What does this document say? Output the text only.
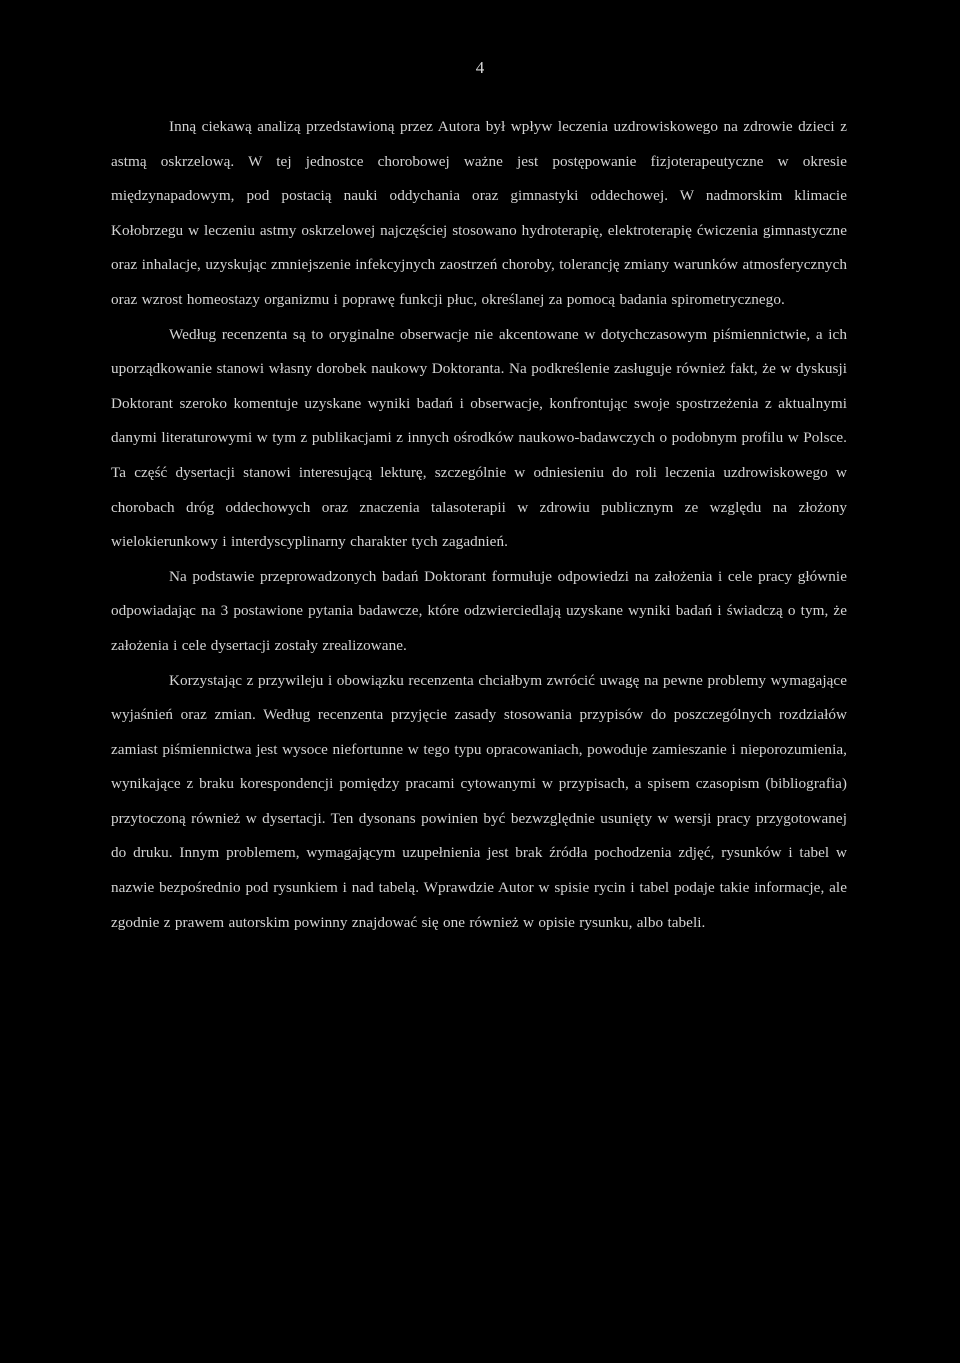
4

Inną ciekawą analizą przedstawioną przez Autora był wpływ leczenia uzdrowiskowego na zdrowie dzieci z astmą oskrzelową. W tej jednostce chorobowej ważne jest postępowanie fizjoterapeutyczne w okresie międzynapadowym, pod postacią nauki oddychania oraz gimnastyki oddechowej. W nadmorskim klimacie Kołobrzegu w leczeniu astmy oskrzelowej najczęściej stosowano hydroterapię, elektroterapię ćwiczenia gimnastyczne oraz inhalacje, uzyskując zmniejszenie infekcyjnych zaostrzeń choroby, tolerancję zmiany warunków atmosferycznych oraz wzrost homeostazy organizmu i poprawę funkcji płuc, określanej za pomocą badania spirometrycznego.

Według recenzenta są to oryginalne obserwacje nie akcentowane w dotychczasowym piśmiennictwie, a ich uporządkowanie stanowi własny dorobek naukowy Doktoranta. Na podkreślenie zasługuje również fakt, że w dyskusji Doktorant szeroko komentuje uzyskane wyniki badań i obserwacje, konfrontując swoje spostrzeżenia z aktualnymi danymi literaturowymi w tym z publikacjami z innych ośrodków naukowo-badawczych o podobnym profilu w Polsce. Ta część dysertacji stanowi interesującą lekturę, szczególnie w odniesieniu do roli leczenia uzdrowiskowego w chorobach dróg oddechowych oraz znaczenia talasoterapii w zdrowiu publicznym ze względu na złożony wielokierunkowy i interdyscyplinarny charakter tych zagadnień.

Na podstawie przeprowadzonych badań Doktorant formułuje odpowiedzi na założenia i cele pracy głównie odpowiadając na 3 postawione pytania badawcze, które odzwierciedlają uzyskane wyniki badań i świadczą o tym, że założenia i cele dysertacji zostały zrealizowane.

Korzystając z przywileju i obowiązku recenzenta chciałbym zwrócić uwagę na pewne problemy wymagające wyjaśnień oraz zmian. Według recenzenta przyjęcie zasady stosowania przypisów do poszczególnych rozdziałów zamiast piśmiennictwa jest wysoce niefortunne w tego typu opracowaniach, powoduje zamieszanie i nieporozumienia, wynikające z braku korespondencji pomiędzy pracami cytowanymi w przypisach, a spisem czasopism (bibliografia) przytoczoną również w dysertacji. Ten dysonans powinien być bezwzględnie usunięty w wersji pracy przygotowanej do druku. Innym problemem, wymagającym uzupełnienia jest brak źródła pochodzenia zdjęć, rysunków i tabel w nazwie bezpośrednio pod rysunkiem i nad tabelą. Wprawdzie Autor w spisie rycin i tabel podaje takie informacje, ale zgodnie z prawem autorskim powinny znajdować się one również w opisie rysunku, albo tabeli.
